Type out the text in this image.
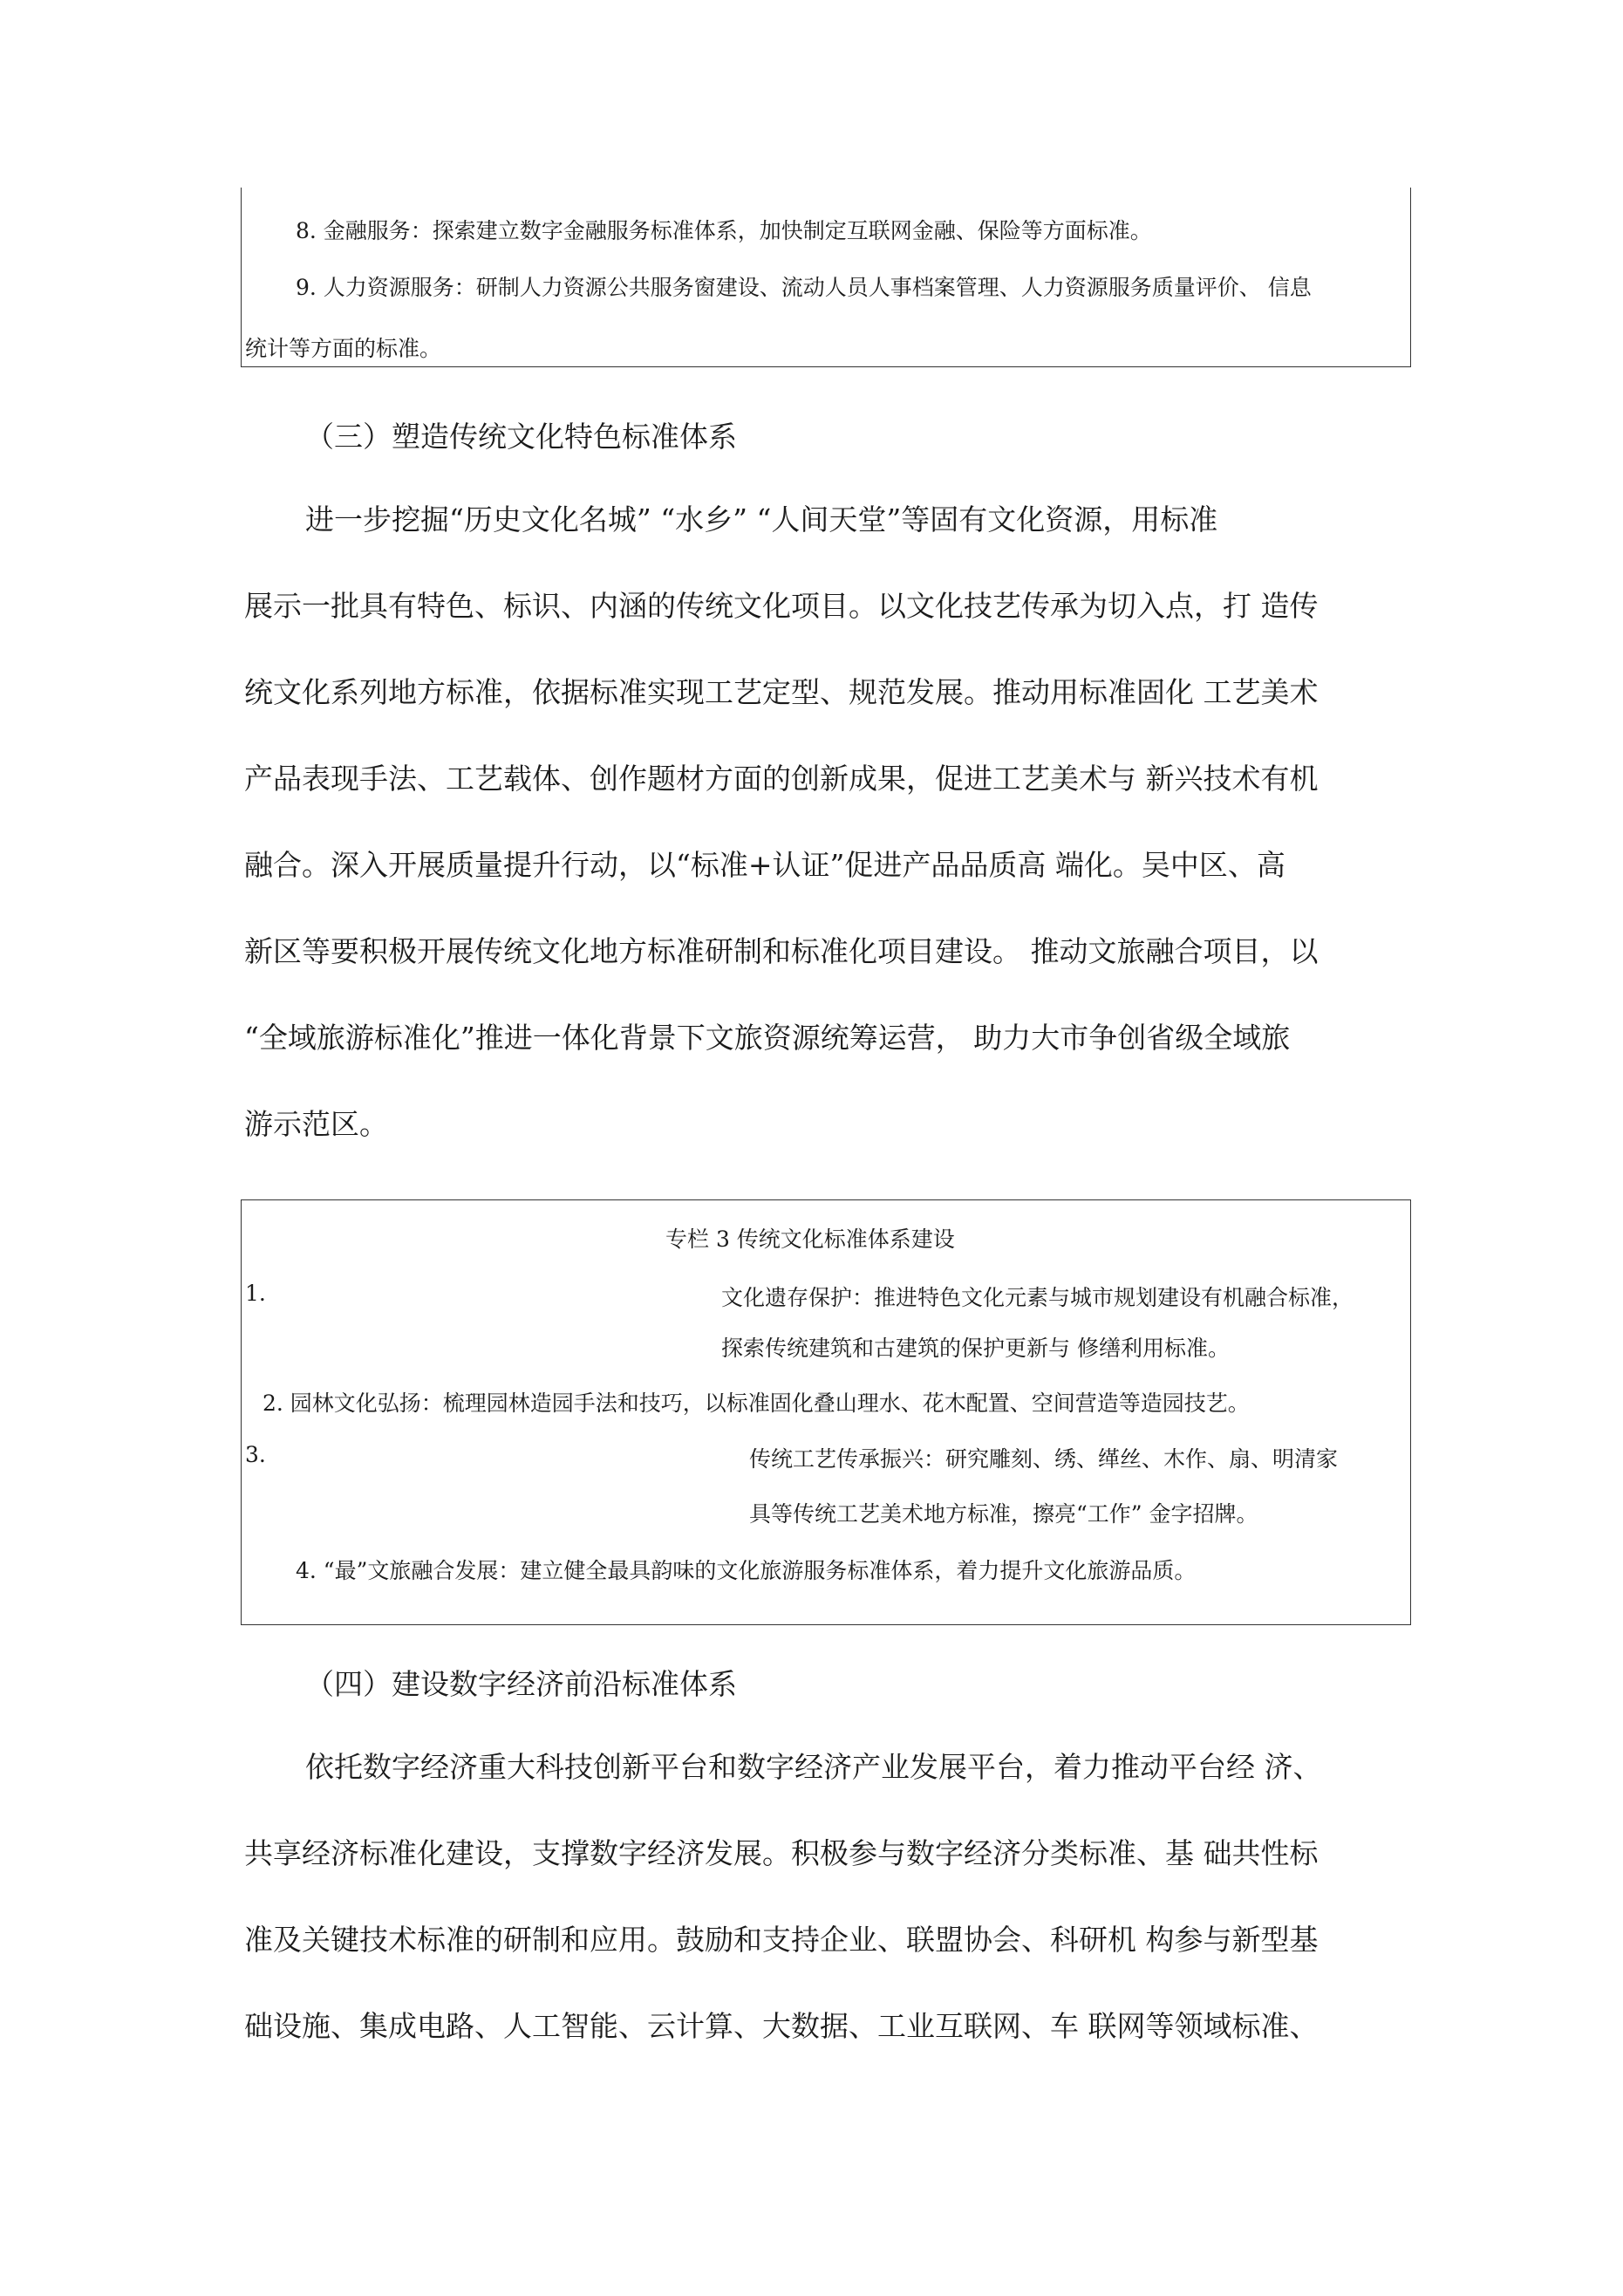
8. 金融服务：探索建立数字金融服务标准体系，加快制定互联网金融、保险等方面标准。
9. 人力资源服务：研制人力资源公共服务窗建设、流动人员人事档案管理、人力资源服务质量评价、 信息
统计等方面的标准。
（三）塑造传统文化特色标准体系
进一步挖掘“历史文化名城” “水乡” “人间天堂”等固有文化资源，用标准
展示一批具有特色、标识、内涵的传统文化项目。以文化技艺传承为切入点，打 造传
统文化系列地方标准，依据标准实现工艺定型、规范发展。推动用标准固化 工艺美术
产品表现手法、工艺载体、创作题材方面的创新成果，促进工艺美术与 新兴技术有机
融合。深入开展质量提升行动，以“标准+认证”促进产品品质高 端化。吴中区、高
新区等要积极开展传统文化地方标准研制和标准化项目建设。 推动文旅融合项目，以
“全域旅游标准化”推进一体化背景下文旅资源统筹运营， 助力大市争创省级全域旅
游示范区。
专栏 3 传统文化标准体系建设
1.	文化遗存保护：推进特色文化元素与城市规划建设有机融合标准，
探索传统建筑和古建筑的保护更新与 修缮利用标准。
2. 园林文化弘扬：梳理园林造园手法和技巧，以标准固化叠山理水、花木配置、空间营造等造园技艺。
3.	传统工艺传承振兴：研究雕刻、绣、缂丝、木作、扇、明清家
具等传统工艺美术地方标准，擦亮“工作” 金字招牌。
4. “最”文旅融合发展：建立健全最具韵味的文化旅游服务标准体系，着力提升文化旅游品质。
（四）建设数字经济前沿标准体系
依托数字经济重大科技创新平台和数字经济产业发展平台，着力推动平台经 济、
共享经济标准化建设，支撑数字经济发展。积极参与数字经济分类标准、基 础共性标
准及关键技术标准的研制和应用。鼓励和支持企业、联盟协会、科研机 构参与新型基
础设施、集成电路、人工智能、云计算、大数据、工业互联网、车 联网等领域标准、
